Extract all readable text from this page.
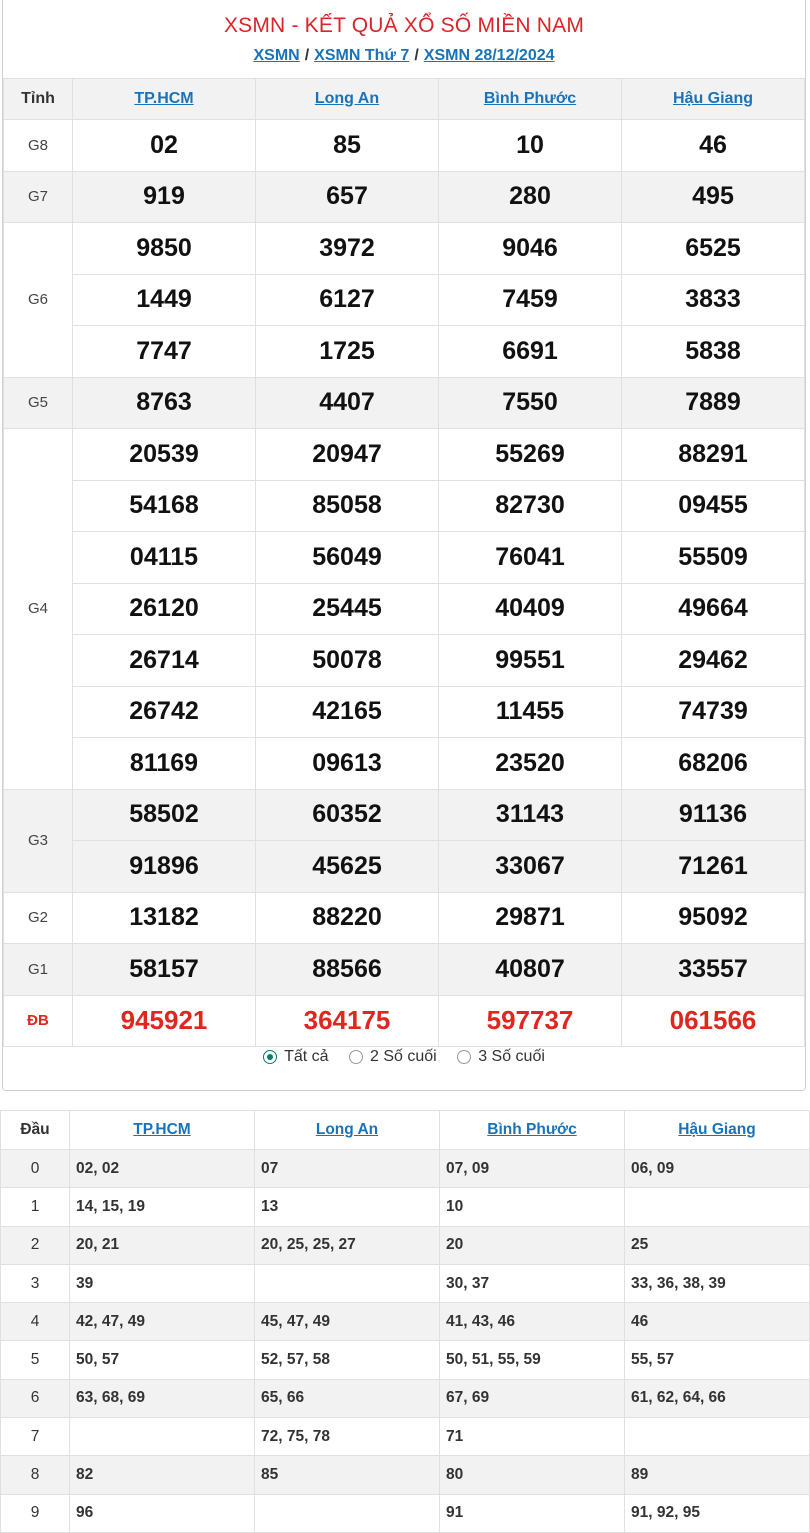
XSMN - KẾT QUẢ XỔ SỐ MIỀN NAM
XSMN / XSMN Thứ 7 / XSMN 28/12/2024
Tỉnh	TP.HCM	Long An	Bình Phước	Hậu Giang
G8	02	85	10	46
G7	919	657	280	495
G6	9850	3972	9046	6525
	1449	6127	7459	3833
	7747	1725	6691	5838
G5	8763	4407	7550	7889
G4	20539	20947	55269	88291
	54168	85058	82730	09455
	04115	56049	76041	55509
	26120	25445	40409	49664
	26714	50078	99551	29462
	26742	42165	11455	74739
	81169	09613	23520	68206
G3	58502	60352	31143	91136
	91896	45625	33067	71261
G2	13182	88220	29871	95092
G1	58157	88566	40807	33557
ĐB	945921	364175	597737	061566
Tất cả
	2 Số cuối
	3 Số cuối
Đầu	TP.HCM	Long An	Bình Phước	Hậu Giang
0	02, 02	07	07, 09	06, 09
1	14, 15, 19	13	10	
2	20, 21	20, 25, 25, 27	20	25
3	39		30, 37	33, 36, 38, 39
4	42, 47, 49	45, 47, 49	41, 43, 46	46
5	50, 57	52, 57, 58	50, 51, 55, 59	55, 57
6	63, 68, 69	65, 66	67, 69	61, 62, 64, 66
7		72, 75, 78	71	
8	82	85	80	89
9	96		91	91, 92, 95
